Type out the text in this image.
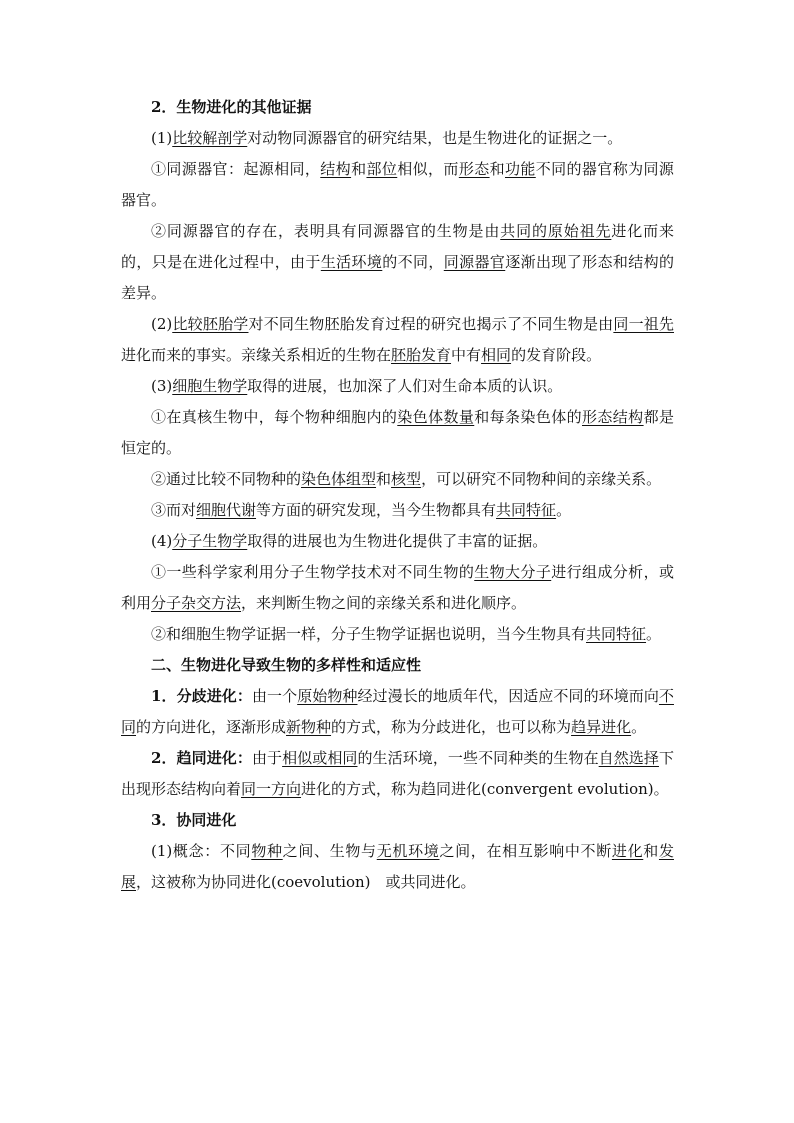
2．生物进化的其他证据

(1)比较解剖学对动物同源器官的研究结果，也是生物进化的证据之一。

①同源器官：起源相同，结构和部位相似，而形态和功能不同的器官称为同源器官。

②同源器官的存在，表明具有同源器官的生物是由共同的原始祖先进化而来的，只是在进化过程中，由于生活环境的不同，同源器官逐渐出现了形态和结构的差异。

(2)比较胚胎学对不同生物胚胎发育过程的研究也揭示了不同生物是由同一祖先进化而来的事实。亲缘关系相近的生物在胚胎发育中有相同的发育阶段。

(3)细胞生物学取得的进展，也加深了人们对生命本质的认识。

①在真核生物中，每个物种细胞内的染色体数量和每条染色体的形态结构都是恒定的。

②通过比较不同物种的染色体组型和核型，可以研究不同物种间的亲缘关系。

③而对细胞代谢等方面的研究发现，当今生物都具有共同特征。

(4)分子生物学取得的进展也为生物进化提供了丰富的证据。

①一些科学家利用分子生物学技术对不同生物的生物大分子进行组成分析，或利用分子杂交方法，来判断生物之间的亲缘关系和进化顺序。

②和细胞生物学证据一样，分子生物学证据也说明，当今生物具有共同特征。

二、生物进化导致生物的多样性和适应性

1．分歧进化：由一个原始物种经过漫长的地质年代，因适应不同的环境而向不同的方向进化，逐渐形成新物种的方式，称为分歧进化，也可以称为趋异进化。

2．趋同进化：由于相似或相同的生活环境，一些不同种类的生物在自然选择下出现形态结构向着同一方向进化的方式，称为趋同进化(convergent evolution)。

3．协同进化

(1)概念：不同物种之间、生物与无机环境之间，在相互影响中不断进化和发展，这被称为协同进化(coevolution)　或共同进化。
